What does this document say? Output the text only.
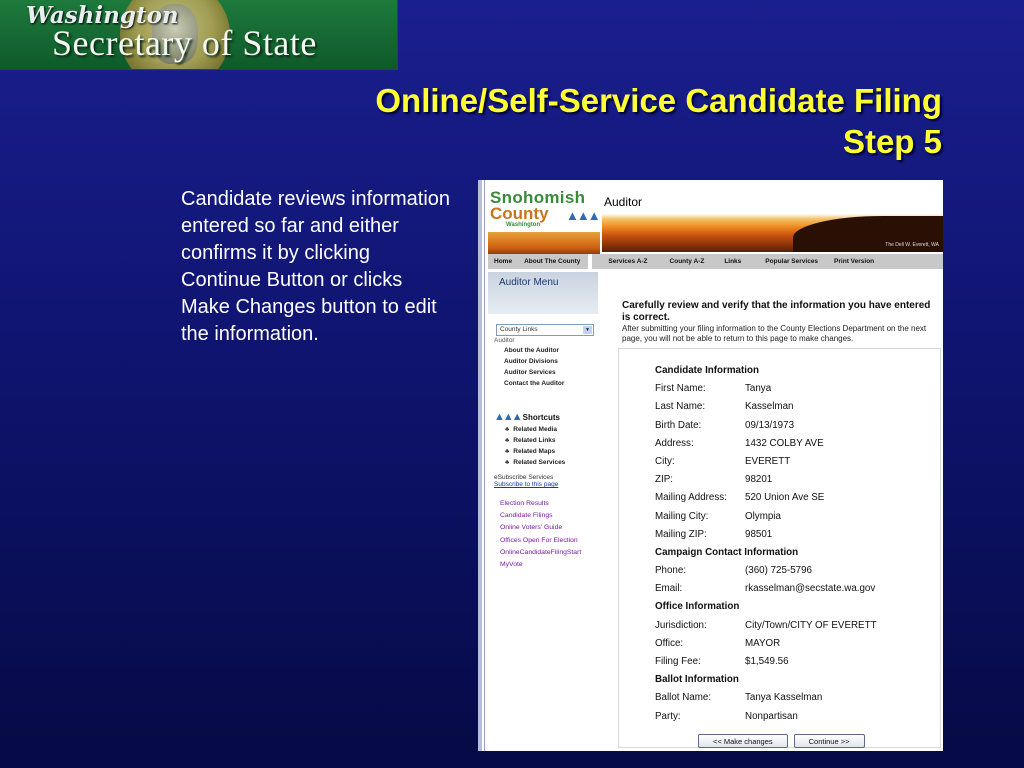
Washington
Secretary of State
Online/Self-Service Candidate Filing
Step 5
Candidate reviews information entered so far and either confirms it by clicking Continue Button or clicks Make Changes button to edit the information.
Snohomish
County ▲▲▲
Washington
Auditor
The Dell W. Everett, WA
Home	About The County	Services A-Z	County A-Z	Links	Popular Services	Print Version
Auditor Menu
County Links	▼
Auditor
About the Auditor
Auditor Divisions
Auditor Services
Contact the Auditor
▲▲▲ Shortcuts
♣ Related Media
♣ Related Links
♣ Related Maps
♣ Related Services
eSubscribe Services
Subscribe to this page
Election Results
Candidate Filings
Online Voters' Guide
Offices Open For Election
OnlineCandidateFilingStart
MyVote
Carefully review and verify that the information you have entered is correct.
After submitting your filing information to the County Elections Department on the next page, you will not be able to return to this page to make changes.
Candidate Information
First Name:	Tanya
Last Name:	Kasselman
Birth Date:	09/13/1973
Address:	1432 COLBY AVE
City:	EVERETT
ZIP:	98201
Mailing Address:	520 Union Ave SE
Mailing City:	Olympia
Mailing ZIP:	98501
Campaign Contact Information
Phone:	(360) 725-5796
Email:	rkasselman@secstate.wa.gov
Office Information
Jurisdiction:	City/Town/CITY OF EVERETT
Office:	MAYOR
Filing Fee:	$1,549.56
Ballot Information
Ballot Name:	Tanya Kasselman
Party:	Nonpartisan
<< Make changes	Continue >>
